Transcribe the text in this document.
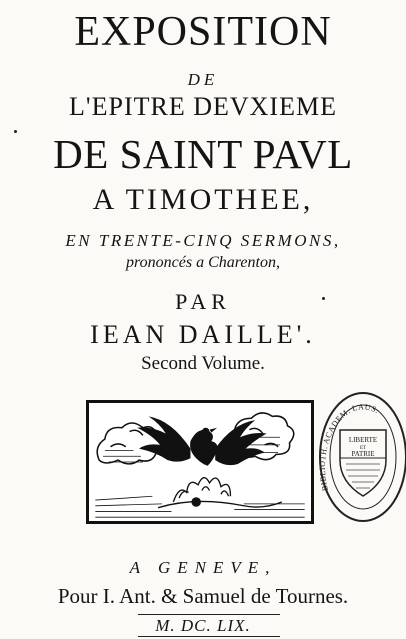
EXPOSITION
DE
L'EPITRE DEVXIEME
DE SAINT PAVL
A TIMOTHEE,
EN TRENTE-CINQ SERMONS,
prononcés a Charenton,
PAR
IEAN DAILLE'.
Second Volume.
BIBLIOTH. ACADEM. LAUS.
LIBERTE
ET
PATRIE
A GENEVE,
Pour I. Ant. & Samuel de Tournes.
M. DC. LIX.
